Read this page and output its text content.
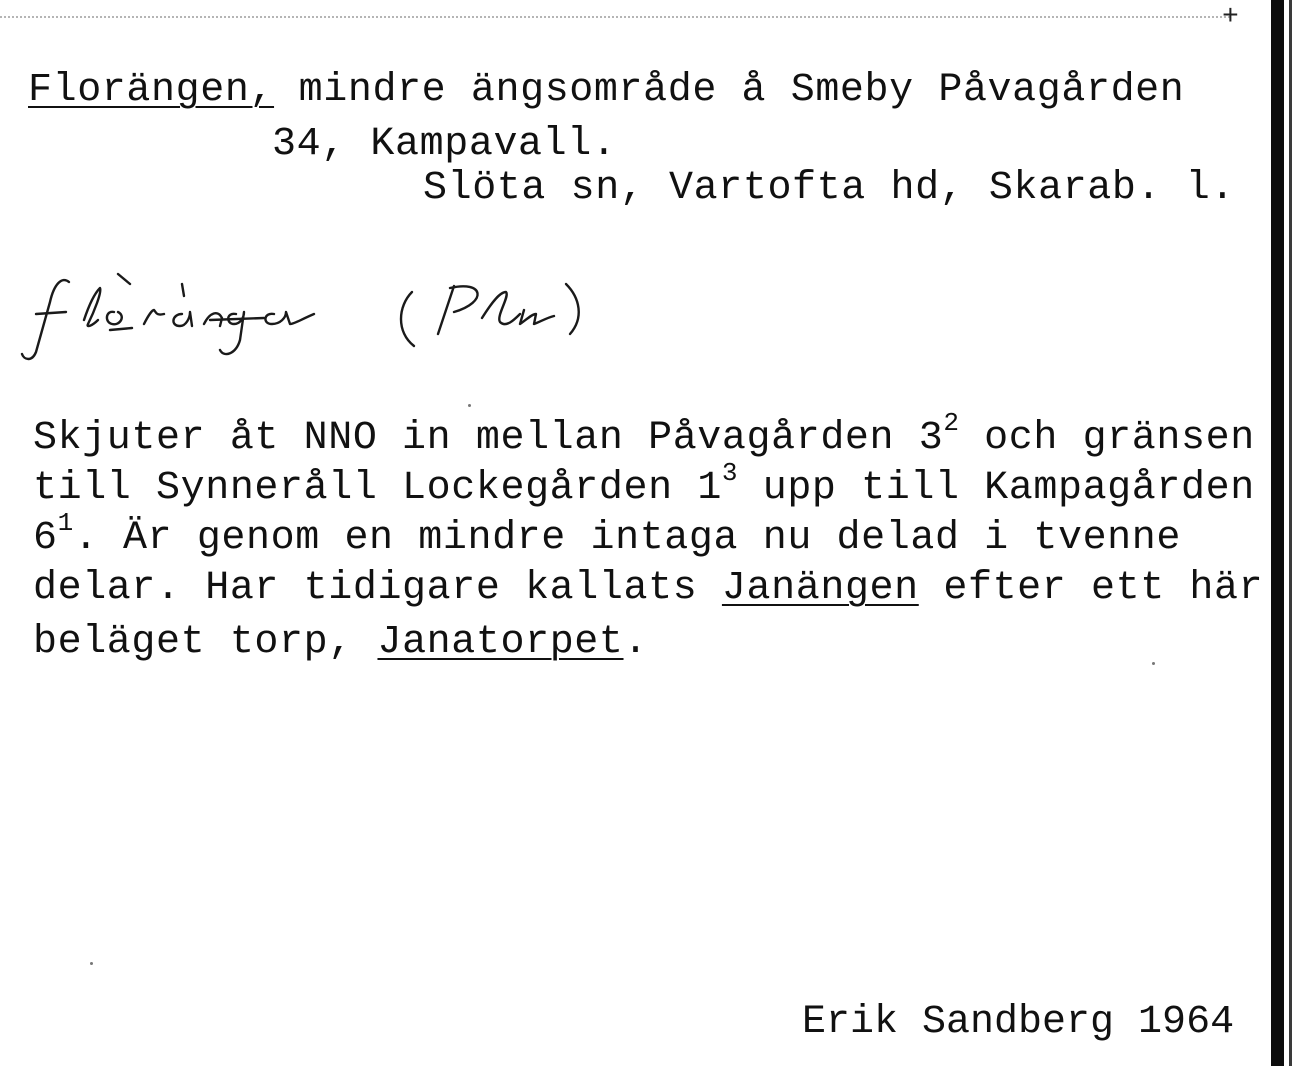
+
Florängen, mindre ängsområde å Smeby Påvagården
34, Kampavall.
Slöta sn, Vartofta hd, Skarab. l.
Skjuter åt NNO in mellan Påvagården $3^2$ och gränsen
till Synneråll Lockegården $1^3$ upp till Kampagården
$6^1$. Är genom en mindre intaga nu delad i tvenne
delar. Har tidigare kallats Janängen efter ett här
beläget torp, Janatorpet.
Erik Sandberg 1964
